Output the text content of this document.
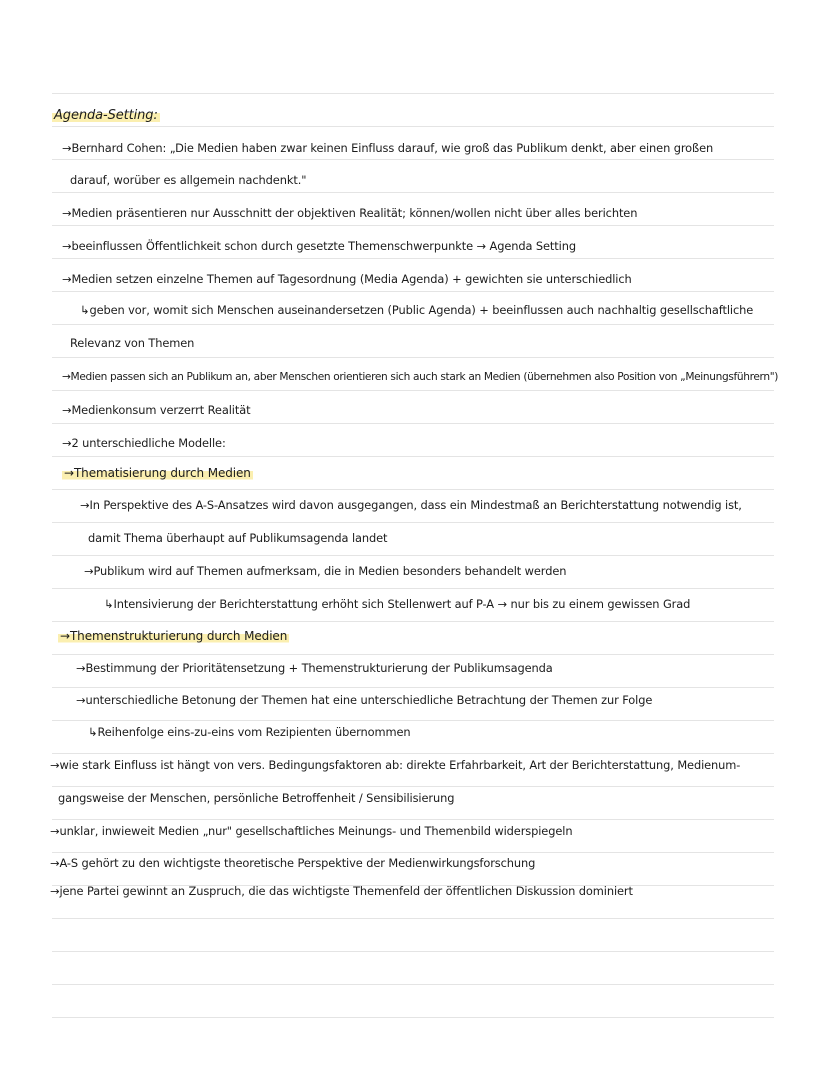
Agenda-Setting:
→Bernhard Cohen: „Die Medien haben zwar keinen Einfluss darauf, wie groß das Publikum denkt, aber einen großen
darauf, worüber es allgemein nachdenkt."
→Medien präsentieren nur Ausschnitt der objektiven Realität; können/wollen nicht über alles berichten
→beeinflussen Öffentlichkeit schon durch gesetzte Themenschwerpunkte → Agenda Setting
→Medien setzen einzelne Themen auf Tagesordnung (Media Agenda) + gewichten sie unterschiedlich
↳geben vor, womit sich Menschen auseinandersetzen (Public Agenda) + beeinflussen auch nachhaltig gesellschaftliche
Relevanz von Themen
→Medien passen sich an Publikum an, aber Menschen orientieren sich auch stark an Medien (übernehmen also Position von „Meinungsführern")
→Medienkonsum verzerrt Realität
→2 unterschiedliche Modelle:
→Thematisierung durch Medien
→In Perspektive des A-S-Ansatzes wird davon ausgegangen, dass ein Mindestmaß an Berichterstattung notwendig ist,
damit Thema überhaupt auf Publikumsagenda landet
→Publikum wird auf Themen aufmerksam, die in Medien besonders behandelt werden
↳Intensivierung der Berichterstattung erhöht sich Stellenwert auf P-A → nur bis zu einem gewissen Grad
→Themenstrukturierung durch Medien
→Bestimmung der Prioritätensetzung + Themenstrukturierung der Publikumsagenda
→unterschiedliche Betonung der Themen hat eine unterschiedliche Betrachtung der Themen zur Folge
↳Reihenfolge eins-zu-eins vom Rezipienten übernommen
→wie stark Einfluss ist hängt von vers. Bedingungsfaktoren ab: direkte Erfahrbarkeit, Art der Berichterstattung, Medienum-
gangsweise der Menschen, persönliche Betroffenheit / Sensibilisierung
→unklar, inwieweit Medien „nur" gesellschaftliches Meinungs- und Themenbild widerspiegeln
→A-S gehört zu den wichtigste theoretische Perspektive der Medienwirkungsforschung
→jene Partei gewinnt an Zuspruch, die das wichtigste Themenfeld der öffentlichen Diskussion dominiert
